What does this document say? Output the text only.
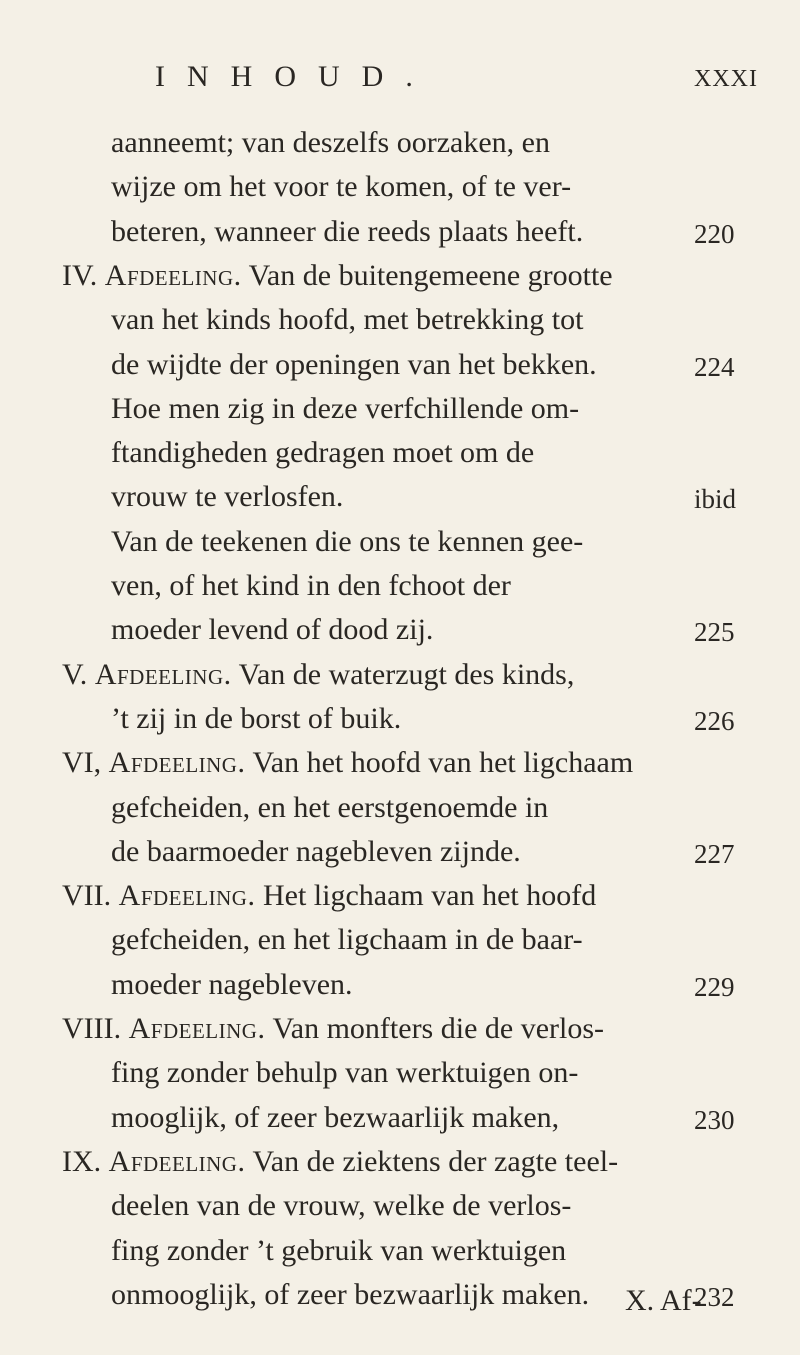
INHOUD.	XXXI
aanneemt; van deszelfs oorzaken, en
wijze om het voor te komen, of te ver-
beteren, wanneer die reeds plaats heeft.	220
IV. Afdeeling. Van de buitengemeene grootte
van het kinds hoofd, met betrekking tot
de wijdte der openingen van het bekken.	224
Hoe men zig in deze verfchillende om-
ftandigheden gedragen moet om de
vrouw te verlosfen.	ibid
Van de teekenen die ons te kennen gee-
ven, of het kind in den fchoot der
moeder levend of dood zij.	225
V. Afdeeling. Van de waterzugt des kinds,
’t zij in de borst of buik.	226
VI, Afdeeling. Van het hoofd van het ligchaam
gefcheiden, en het eerstgenoemde in
de baarmoeder nagebleven zijnde.	227
VII. Afdeeling. Het ligchaam van het hoofd
gefcheiden, en het ligchaam in de baar-
moeder nagebleven.	229
VIII. Afdeeling. Van monfters die de verlos-
fing zonder behulp van werktuigen on-
mooglijk, of zeer bezwaarlijk maken,	230
IX. Afdeeling. Van de ziektens der zagte teel-
deelen van de vrouw, welke de verlos-
fing zonder ’t gebruik van werktuigen
onmooglijk, of zeer bezwaarlijk maken.	232
X. Af-
